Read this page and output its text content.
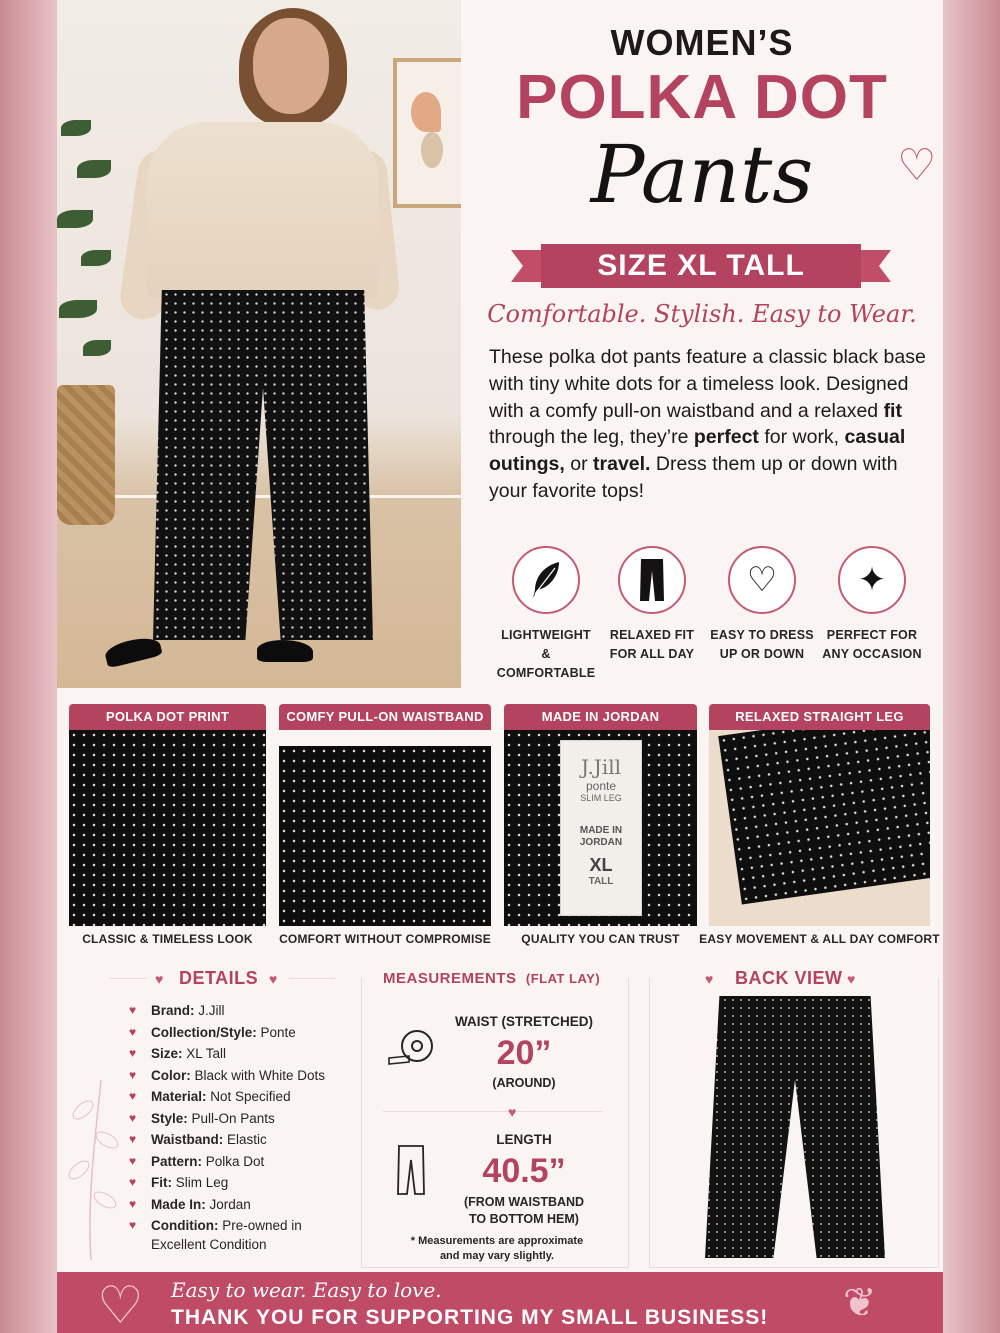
WOMEN’S
POLKA DOT
Pants	♡
SIZE XL TALL
Comfortable. Stylish. Easy to Wear.
These polka dot pants feature a classic black base with tiny white dots for a timeless look. Designed with a comfy pull-on waistband and a relaxed fit through the leg, they’re perfect for work, casual outings, or travel. Dress them up or down with your favorite tops!
LIGHTWEIGHT
& COMFORTABLE
RELAXED FIT
FOR ALL DAY
♡
EASY TO DRESS
UP OR DOWN
✦
PERFECT FOR
ANY OCCASION
POLKA DOT PRINT
CLASSIC & TIMELESS LOOK
COMFY PULL-ON WAISTBAND
COMFORT WITHOUT COMPROMISE
MADE IN JORDAN
J.Jill
ponte
SLIM LEG
MADE IN
JORDAN
XL
TALL
QUALITY YOU CAN TRUST
RELAXED STRAIGHT LEG
EASY MOVEMENT & ALL DAY COMFORT
♥ DETAILS ♥
♥ Brand: J.Jill
♥ Collection/Style: Ponte
♥ Size: XL Tall
♥ Color: Black with White Dots
♥ Material: Not Specified
♥ Style: Pull-On Pants
♥ Waistband: Elastic
♥ Pattern: Polka Dot
♥ Fit: Slim Leg
♥ Made In: Jordan
♥ Condition: Pre-owned in
Excellent Condition
MEASUREMENTS (FLAT LAY)
WAIST (STRETCHED)
20”
(AROUND)
♥
LENGTH
40.5”
(FROM WAISTBAND
TO BOTTOM HEM)
* Measurements are approximate
and may vary slightly.
♥ BACK VIEW ♥
♡ Easy to wear. Easy to love.
THANK YOU FOR SUPPORTING MY SMALL BUSINESS! ❦
